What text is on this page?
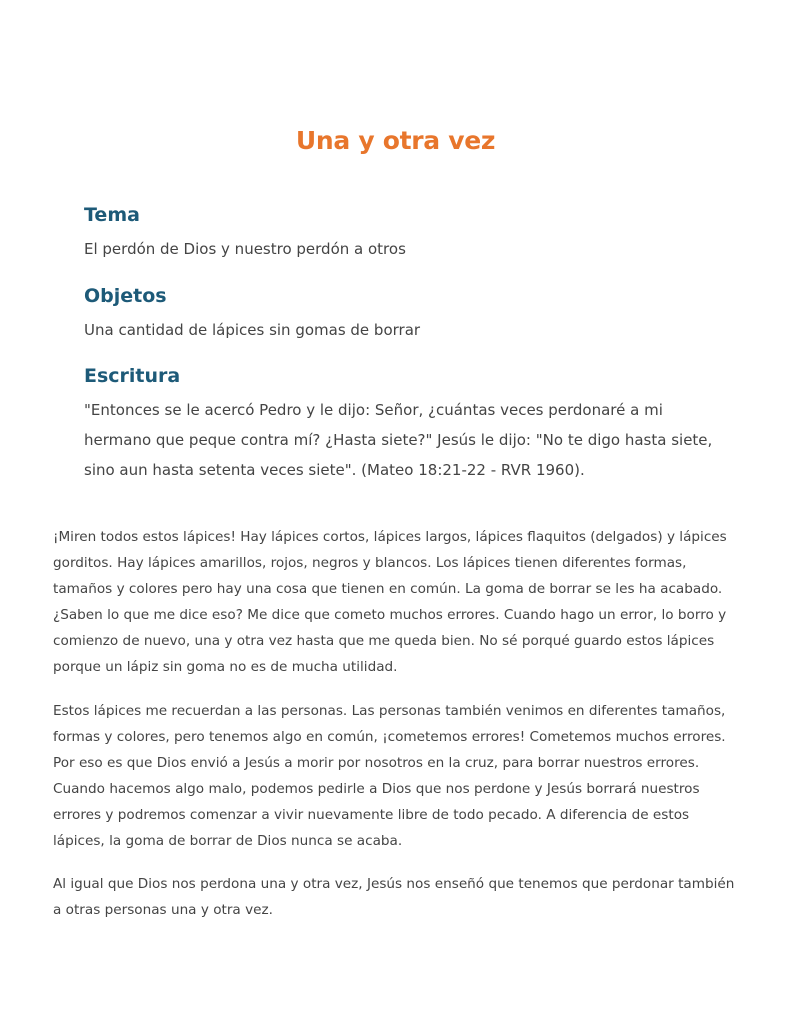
Una y otra vez
Tema

El perdón de Dios y nuestro perdón a otros

Objetos

Una cantidad de lápices sin gomas de borrar

Escritura

"Entonces se le acercó Pedro y le dijo: Señor, ¿cuántas veces perdonaré a mi hermano que peque contra mí? ¿Hasta siete?" Jesús le dijo: "No te digo hasta siete, sino aun hasta setenta veces siete". (Mateo 18:21-22 - RVR 1960).

¡Miren todos estos lápices! Hay lápices cortos, lápices largos, lápices flaquitos (delgados) y lápices gorditos. Hay lápices amarillos, rojos, negros y blancos. Los lápices tienen diferentes formas, tamaños y colores pero hay una cosa que tienen en común. La goma de borrar se les ha acabado. ¿Saben lo que me dice eso? Me dice que cometo muchos errores. Cuando hago un error, lo borro y comienzo de nuevo, una y otra vez hasta que me queda bien. No sé porqué guardo estos lápices porque un lápiz sin goma no es de mucha utilidad.

Estos lápices me recuerdan a las personas. Las personas también venimos en diferentes tamaños, formas y colores, pero tenemos algo en común, ¡cometemos errores! Cometemos muchos errores. Por eso es que Dios envió a Jesús a morir por nosotros en la cruz, para borrar nuestros errores. Cuando hacemos algo malo, podemos pedirle a Dios que nos perdone y Jesús borrará nuestros errores y podremos comenzar a vivir nuevamente libre de todo pecado. A diferencia de estos lápices, la goma de borrar de Dios nunca se acaba.

Al igual que Dios nos perdona una y otra vez, Jesús nos enseñó que tenemos que perdonar también a otras personas una y otra vez.
